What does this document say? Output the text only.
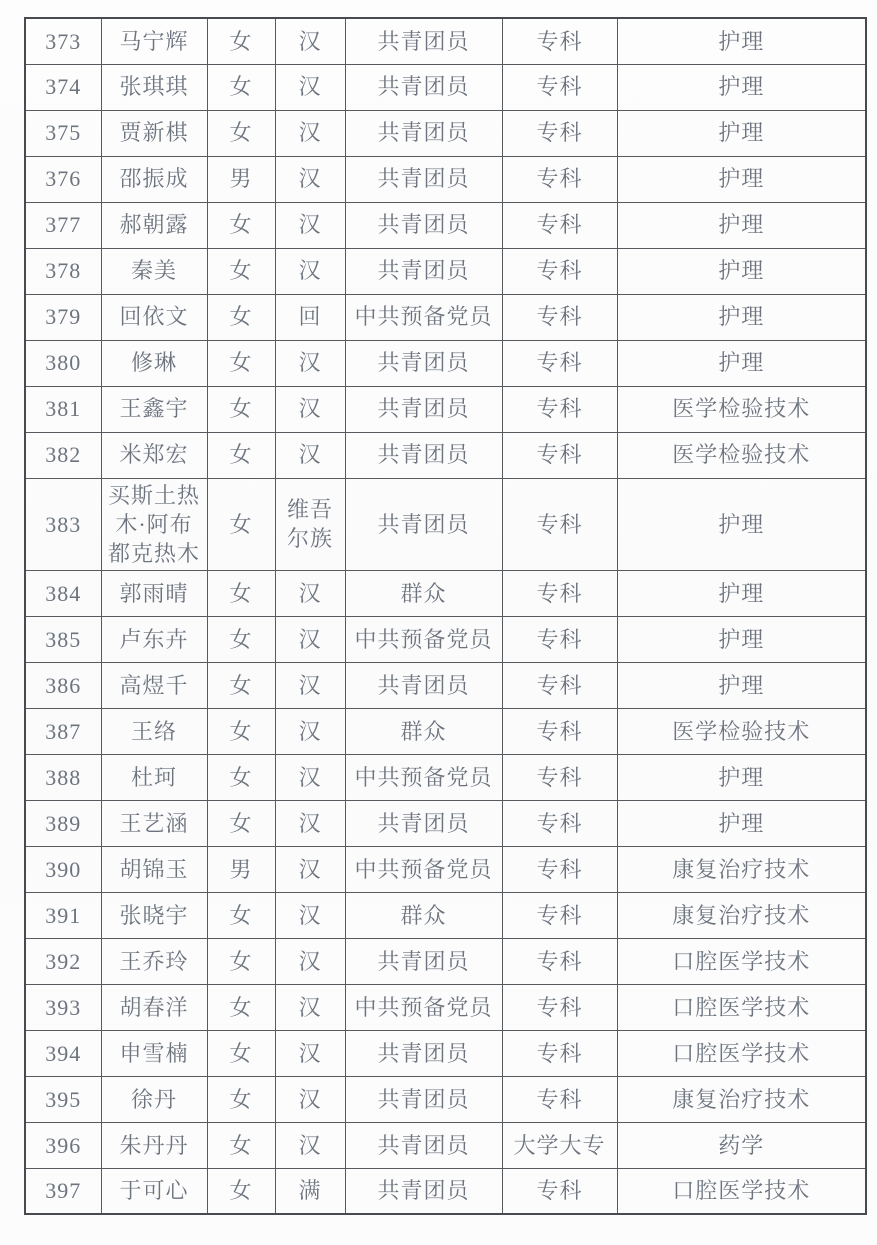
373	马宁辉	女	汉	共青团员	专科	护理
374	张琪琪	女	汉	共青团员	专科	护理
375	贾新棋	女	汉	共青团员	专科	护理
376	邵振成	男	汉	共青团员	专科	护理
377	郝朝露	女	汉	共青团员	专科	护理
378	秦美	女	汉	共青团员	专科	护理
379	回依文	女	回	中共预备党员	专科	护理
380	修琳	女	汉	共青团员	专科	护理
381	王鑫宇	女	汉	共青团员	专科	医学检验技术
382	米郑宏	女	汉	共青团员	专科	医学检验技术
383	买斯土热木·阿布都克热木	女	维吾尔族	共青团员	专科	护理
384	郭雨晴	女	汉	群众	专科	护理
385	卢东卉	女	汉	中共预备党员	专科	护理
386	高煜千	女	汉	共青团员	专科	护理
387	王络	女	汉	群众	专科	医学检验技术
388	杜珂	女	汉	中共预备党员	专科	护理
389	王艺涵	女	汉	共青团员	专科	护理
390	胡锦玉	男	汉	中共预备党员	专科	康复治疗技术
391	张晓宇	女	汉	群众	专科	康复治疗技术
392	王乔玲	女	汉	共青团员	专科	口腔医学技术
393	胡春洋	女	汉	中共预备党员	专科	口腔医学技术
394	申雪楠	女	汉	共青团员	专科	口腔医学技术
395	徐丹	女	汉	共青团员	专科	康复治疗技术
396	朱丹丹	女	汉	共青团员	大学大专	药学
397	于可心	女	满	共青团员	专科	口腔医学技术
